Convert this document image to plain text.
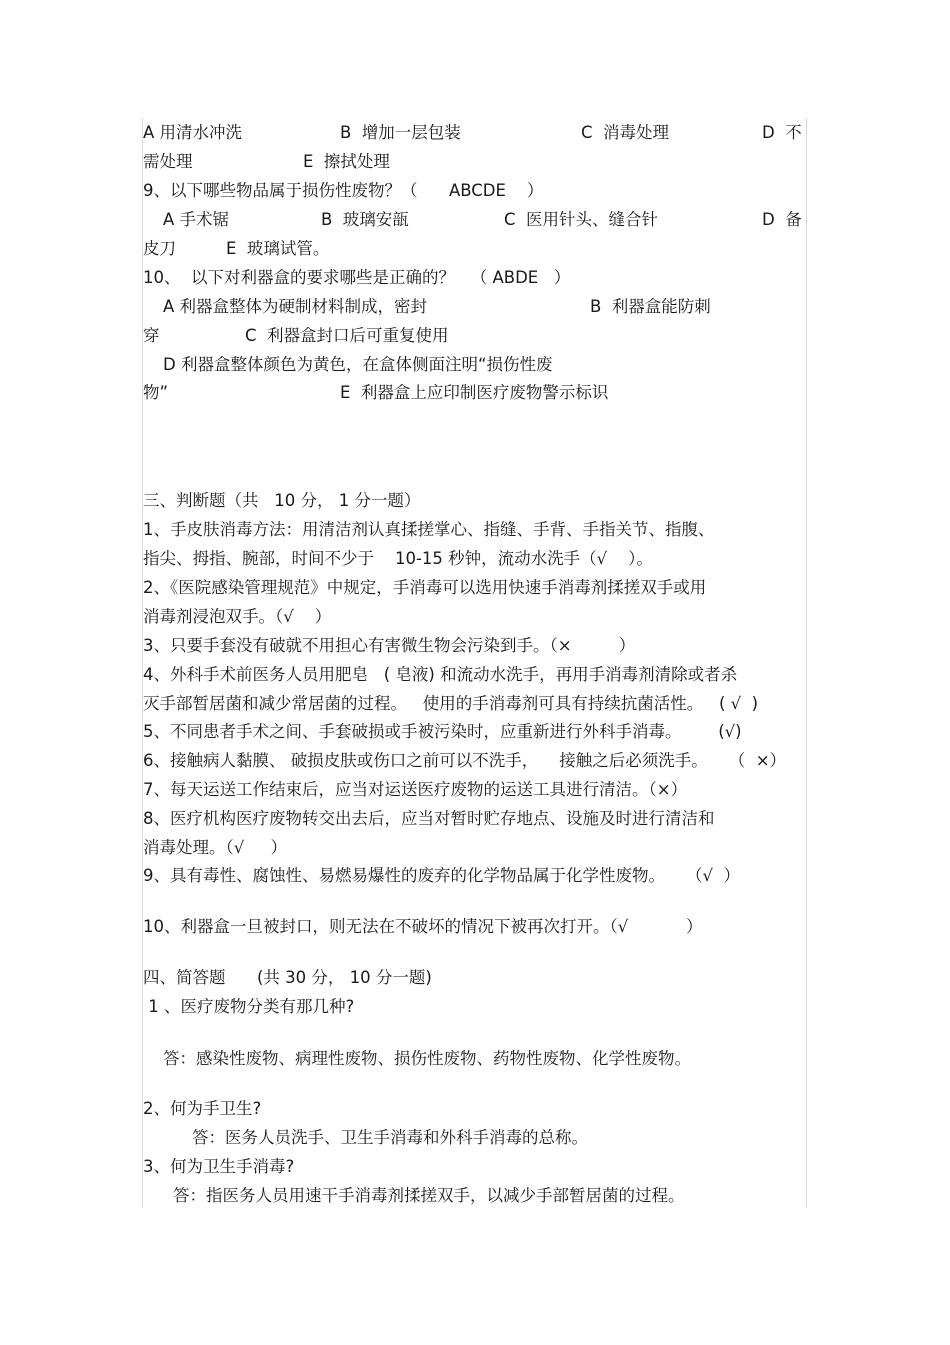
A 用清水冲洗	B  增加一层包装	C  消毒处理	D  不
需处理	E  擦拭处理
9、以下哪些物品属于损伤性废物？（      ABCDE    ）
A 手术锯	B  玻璃安瓿	C  医用针头、缝合针	D  备
皮刀	E  玻璃试管。
10、  以下对利器盒的要求哪些是正确的？   （ ABDE   ）
A 利器盒整体为硬制材料制成，密封	B  利器盒能防刺
穿	C  利器盒封口后可重复使用
D 利器盒整体颜色为黄色，在盒体侧面注明“损伤性废
物”	E  利器盒上应印制医疗废物警示标识
三、判断题（共   10 分， 1 分一题）
1、手皮肤消毒方法：用清洁剂认真揉搓掌心、指缝、手背、手指关节、指腹、
指尖、拇指、腕部，时间不少于    10-15 秒钟，流动水洗手（√    ）。
2、《医院感染管理规范》中规定，手消毒可以选用快速手消毒剂揉搓双手或用
消毒剂浸泡双手。（√    ）
3、只要手套没有破就不用担心有害微生物会污染到手。（×         ）
4、外科手术前医务人员用肥皂   ( 皂液) 和流动水洗手，再用手消毒剂清除或者杀
灭手部暂居菌和减少常居菌的过程。   使用的手消毒剂可具有持续抗菌活性。   ( √  )
5、不同患者手术之间、手套破损或手被污染时，应重新进行外科手消毒。       (√)
6、接触病人黏膜、 破损皮肤或伤口之前可以不洗手，    接触之后必须洗手。    （  ×）
7、每天运送工作结束后，应当对运送医疗废物的运送工具进行清洁。（×）
8、医疗机构医疗废物转交出去后，应当对暂时贮存地点、设施及时进行清洁和
消毒处理。（√     ）
9、具有毒性、腐蚀性、易燃易爆性的废弃的化学物品属于化学性废物。    （√  ）
10、利器盒一旦被封口，则无法在不破坏的情况下被再次打开。（√           ）
四、简答题      (共 30 分， 10 分一题)
1 、医疗废物分类有那几种?
答：感染性废物、病理性废物、损伤性废物、药物性废物、化学性废物。
2、何为手卫生?
答：医务人员洗手、卫生手消毒和外科手消毒的总称。
3、何为卫生手消毒?
答：指医务人员用速干手消毒剂揉搓双手，以减少手部暂居菌的过程。
